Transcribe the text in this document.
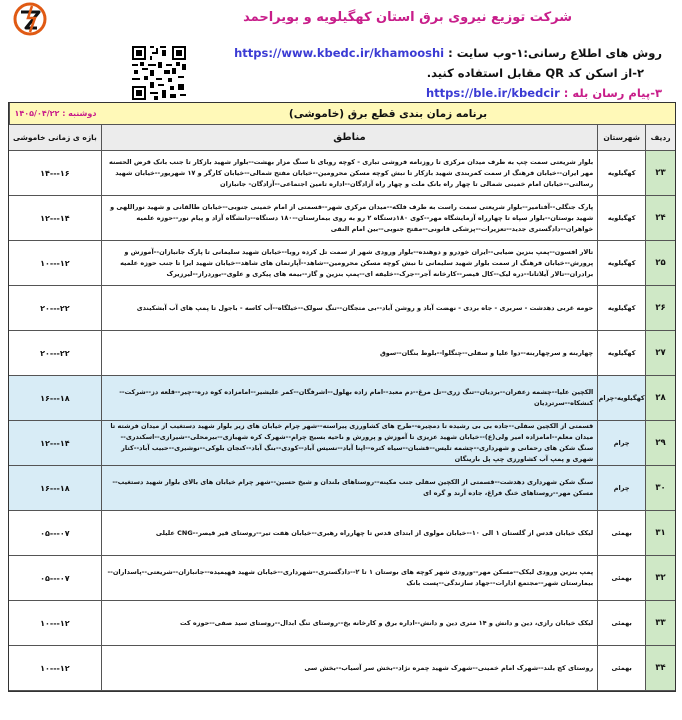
شرکت توزیع نیروی برق استان کهگیلویه و بویراحمد
روش های اطلاع رسانی:۱-وب سایت : https://www.kbedc.ir/khamooshi
۲-از اسکن کد QR مقابل استفاده کنید.
۳-پیام رسان بله : https://ble.ir/kbedcir
برنامه زمان بندی قطع برق (خاموشی)
دوشنبه : ۱۴۰۵/۰۴/۲۲
ردیف
شهرستان
مناطق
بازه ی زمانی خاموشی
۲۳
کهگیلویه
بلوار شریعتی سمت چپ به طرف میدان مرکزی تا روزنامه فروشی تباری - کوچه روبای تا سنگ مزار بهشت--بلوار شهید بازکار تا جنب بانک قرض الحسنه مهر ایران--خیابان فرهنگ از سمت کمربندی شهید بازکار تا نبش کوچه مسکن محرومین--خیابان مفتح شمالی--خیابان کارگر و ۱۷ شهریور--خیابان شهید رسالتی--خیابان امام خمینی شمالی تا چهار راه بانک ملت و چهار راه آزادگان--اداره تامین اجتماعی--آزادگان- جانبازان
۱۴---۱۶
۲۴
کهگیلویه
پارک جنگلی--آفتامیر--بلوار شریعتی سمت راست به طرف فلکه--میدان مرکزی شهر--قسمتی از امام خمینی جنوبی--خیابان طالقانی و شهید نوراللهی و شهید بوستان--بلوار سپاه تا چهارراه آزمایشگاه مهر--کوی ۱۸۰دستگاه ۲ رو به روی بیمارستان--۱۸۰ دستگاه--دانشگاه آزاد و پیام نور--حوزه علمیه خواهران--دادگستری جدید--تعزیرات--پزشکی قانونی--مفتح جنوبی--بین امام النقی
۱۲---۱۴
۲۵
کهگیلویه
تالار افسون--پمپ بنزین ضیایی--ایران خودرو و دوهنده--بلوار ورودی شهر از سمت تل کرده روبا--خیابان شهید سلیمانی تا پارک جانبازان--آموزش و پرورش--خیابان فرهنگ از سمت بلوار شهید سلیمانی تا نبش کوچه مسکن محرومین--شاهد--آپارتمان های شاهد--خیابان شهید ایرا تا جنب حوزه علمیه برادران--تالار آیلاتانا--دره لیک--کال قیصر--کارخانه آجر--جرک--خلیفه ای--پمپ بنزین و گاز--بیمه های پیکری و علوی--بوردراز--لیرزیرک
۱۰---۱۲
۲۶
کهگیلویه
حومه غربی دهدشت - سربری - جاه بردی - نهضت آباد و روشن آباد--بی متجگان--تنگ سولک--خیلگاه--آب کاسه - باجول تا پمپ های آب آبشکیندی
۲۰---۲۲
۲۷
کهگیلویه
چهاربنه و سرچهاربنه--دوا علیا و سفلی--چنگلوا--بلوط بنگان--سوق
۲۰---۲۲
۲۸
کهگیلویه-چرام
الکچین علیا--چشمه زعفران--بردیان--تنگ زری--تل مرغ--دم معبد--امام زاده بهلول--اشرفگان--کمر علیشیر--امامزاده کوه دره--چیر--قلعه دز--شرکت--کنشکاه--سرتردیان
۱۶---۱۸
۲۹
چرام
قسمتی از الکچین سفلی--جاده بی بی رشیده تا دمچیره--طرح های کشاورزی پیراسته--شهر چرام خیابان های زیر بلوار شهید دستغیب از میدان فرشته تا میدان معلم--امامزاده امیر ولی(ع)--خیابان شهید عزیزی تا آموزش و پرورش و ناحیه بسیج چرام--شهرک کره شهبازی--بیرمحلی--شیرازی--اسکندری--سنگ شکن های رحمانی و شهرداری--چشمه تلیس--قشبان--سیاه کتره--اپنا آباد--نسیس آباد--کودی--بنگ آباد--کنجان بلوکی--نوشیری--حبیب آباد--کتار شهری و پمپ آب کشاورزی چپ پل بارینگان
۱۲---۱۴
۳۰
چرام
سنگ شکن شهرداری دهدشت--قسمتی از الکچین سفلی جنب مکینه--روستاهای بلندان و شیخ حسین--شهر چرام خیابان های بالای بلوار شهید دستغیب--مسکن مهر--روستاهای خنگ فراغ، جاده آرند و گره ای
۱۶---۱۸
۳۱
بهمئی
لیکک خیابان قدس از گلستان ۱ الی ۱۰--خیابان مولوی از ابتدای قدس تا چهارراه رهبری--خیابان هفت تیر--روستای قیر قیصر--CNG علیلی
۰۵---۰۷
۳۲
بهمئی
پمپ بنزین ورودی لیکک--مسکن مهر--ورودی شهر کوچه های بوستان ۱ تا ۲--دادگستری--شهرداری--خیابان شهید فهیمیده--جانبازان--شریعتی--پاسداران--بیمارستان شهر--مجتمع ادارات--جهاد سازندگی--پست بانک
۰۵---۰۷
۳۳
بهمئی
لیکک خیابان رازی، دین و دانش و ۱۴ متری دین و دانش--اداره برق و کارخانه یخ--روستای تنگ ابدال--روستای سید صفی--حوزه کت
۱۰---۱۲
۳۴
بهمئی
روستای کج بلند--شهرک امام خمینی--شهرک شهید چمره نژاد--بخش سر آسیاب--بخش سی
۱۰---۱۲
